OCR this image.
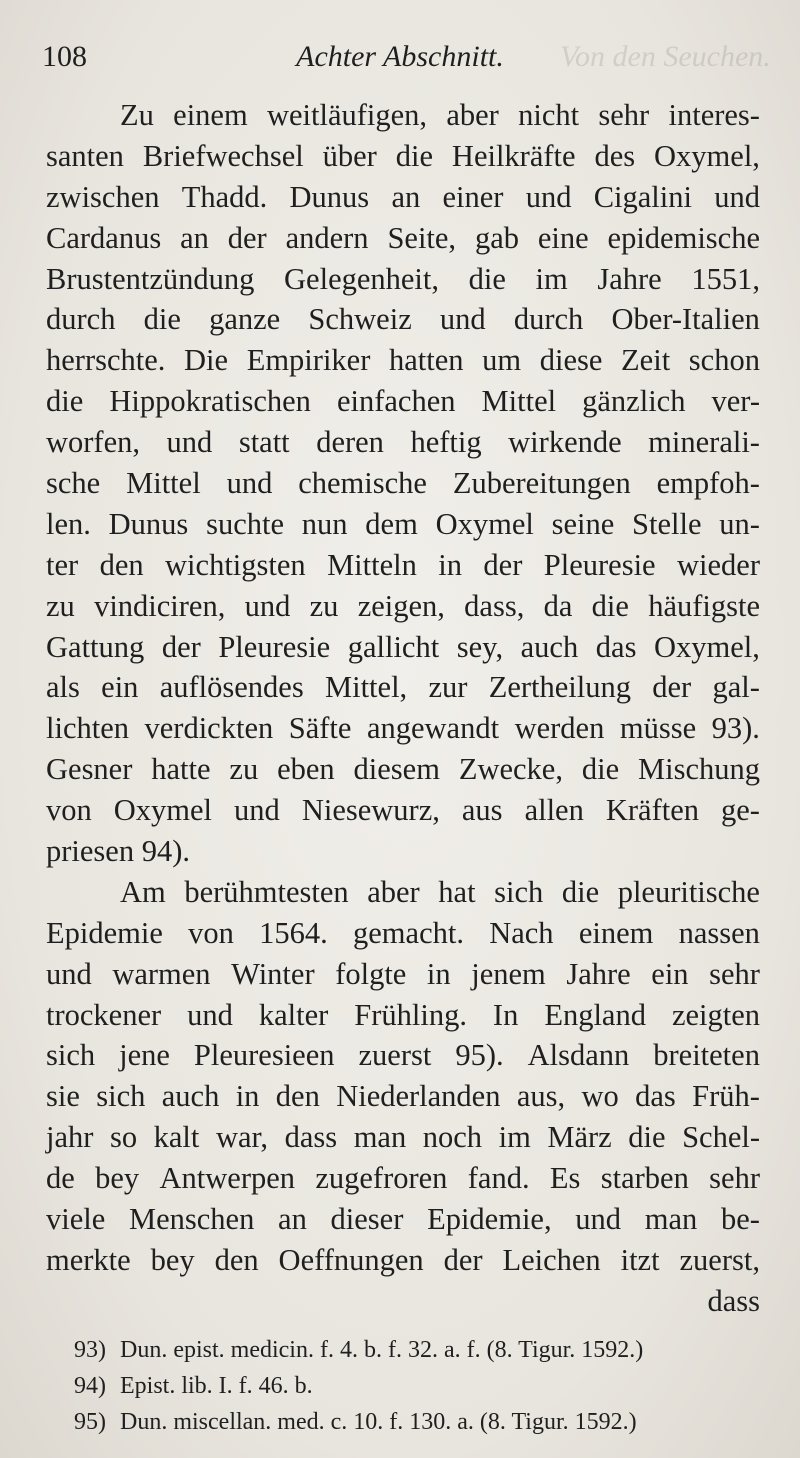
Von den Seuchen.
108	Achter Abschnitt.
Zu einem weitläufigen, aber nicht sehr interes-
santen Briefwechsel über die Heilkräfte des Oxymel,
zwischen Thadd. Dunus an einer und Cigalini und
Cardanus an der andern Seite, gab eine epidemische
Brustentzündung Gelegenheit, die im Jahre 1551,
durch die ganze Schweiz und durch Ober-Italien
herrschte. Die Empiriker hatten um diese Zeit schon
die Hippokratischen einfachen Mittel gänzlich ver-
worfen, und statt deren heftig wirkende minerali-
sche Mittel und chemische Zubereitungen empfoh-
len. Dunus suchte nun dem Oxymel seine Stelle un-
ter den wichtigsten Mitteln in der Pleuresie wieder
zu vindiciren, und zu zeigen, dass, da die häufigste
Gattung der Pleuresie gallicht sey, auch das Oxymel,
als ein auflösendes Mittel, zur Zertheilung der gal-
lichten verdickten Säfte angewandt werden müsse 93).
Gesner hatte zu eben diesem Zwecke, die Mischung
von Oxymel und Niesewurz, aus allen Kräften ge-
priesen 94).
Am berühmtesten aber hat sich die pleuritische
Epidemie von 1564. gemacht. Nach einem nassen
und warmen Winter folgte in jenem Jahre ein sehr
trockener und kalter Frühling. In England zeigten
sich jene Pleuresieen zuerst 95). Alsdann breiteten
sie sich auch in den Niederlanden aus, wo das Früh-
jahr so kalt war, dass man noch im März die Schel-
de bey Antwerpen zugefroren fand. Es starben sehr
viele Menschen an dieser Epidemie, und man be-
merkte bey den Oeffnungen der Leichen itzt zuerst,
dass
93) Dun. epist. medicin. f. 4. b. f. 32. a. f. (8. Tigur. 1592.)
94) Epist. lib. I. f. 46. b.
95) Dun. miscellan. med. c. 10. f. 130. a. (8. Tigur. 1592.)
